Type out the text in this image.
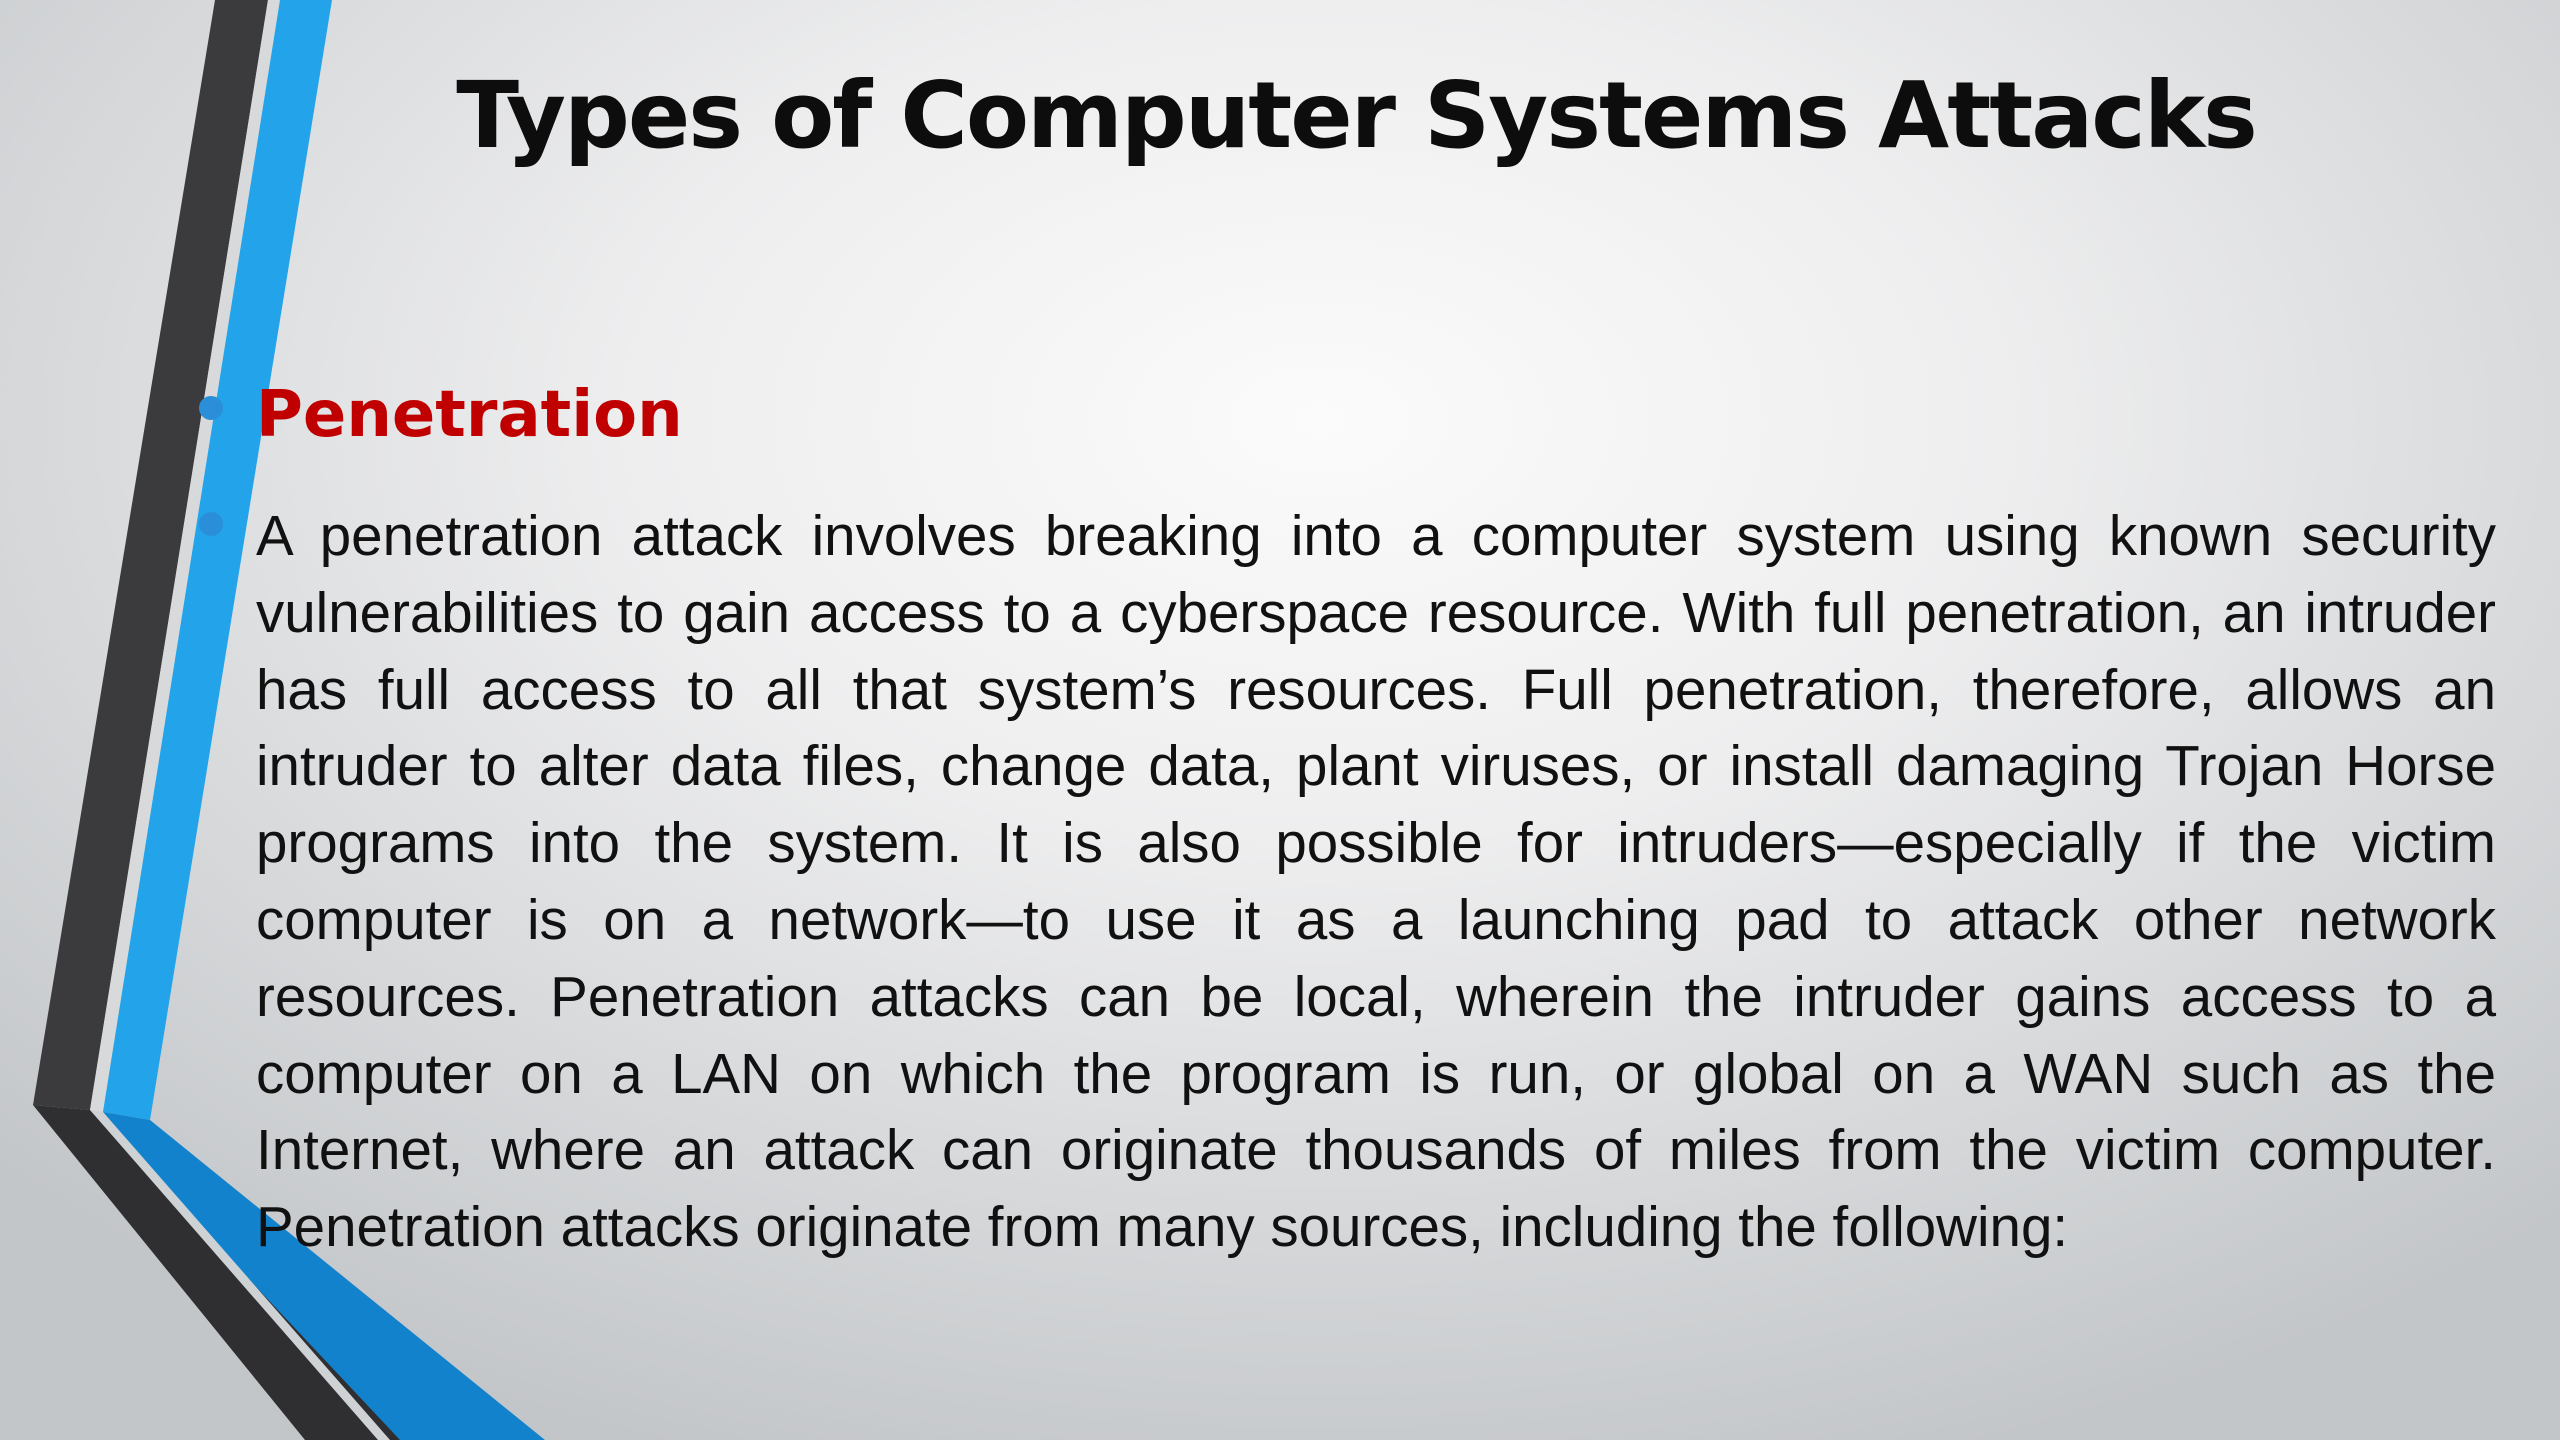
Types of Computer Systems Attacks
Penetration

A penetration attack involves breaking into a computer system using known security vulnerabilities to gain access to a cyberspace resource. With full penetration, an intruder has full access to all that system’s resources. Full penetration, therefore, allows an intruder to alter data files, change data, plant viruses, or install damaging Trojan Horse programs into the system. It is also possible for intruders—especially if the victim computer is on a network—to use it as a launching pad to attack other network resources. Penetration attacks can be local, wherein the intruder gains access to a computer on a LAN on which the program is run, or global on a WAN such as the Internet, where an attack can originate thousands of miles from the victim computer. Penetration attacks originate from many sources, including the following:
